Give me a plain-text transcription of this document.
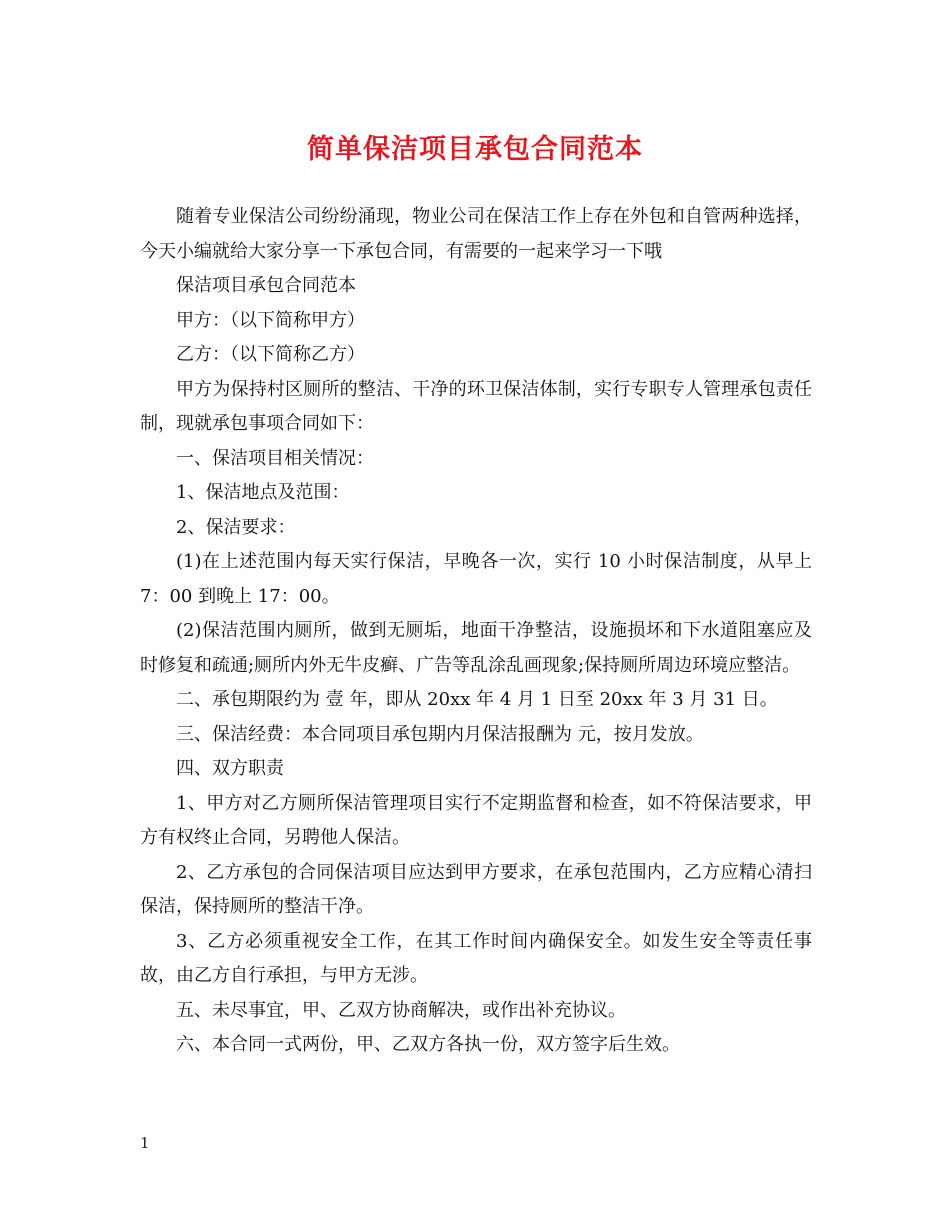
简单保洁项目承包合同范本

随着专业保洁公司纷纷涌现，物业公司在保洁工作上存在外包和自管两种选择，今天小编就给大家分享一下承包合同，有需要的一起来学习一下哦

保洁项目承包合同范本

甲方：（以下简称甲方）

乙方：（以下简称乙方）

甲方为保持村区厕所的整洁、干净的环卫保洁体制，实行专职专人管理承包责任制，现就承包事项合同如下：

一、保洁项目相关情况：

1、保洁地点及范围：

2、保洁要求：

(1)在上述范围内每天实行保洁，早晚各一次，实行 10 小时保洁制度，从早上 7：00 到晚上 17：00。

(2)保洁范围内厕所，做到无厕垢，地面干净整洁，设施损坏和下水道阻塞应及时修复和疏通;厕所内外无牛皮癣、广告等乱涂乱画现象;保持厕所周边环境应整洁。

二、承包期限约为 壹 年，即从 20xx 年 4 月 1 日至 20xx 年 3 月 31 日。

三、保洁经费：本合同项目承包期内月保洁报酬为 元，按月发放。

四、双方职责

1、甲方对乙方厕所保洁管理项目实行不定期监督和检查，如不符保洁要求，甲方有权终止合同，另聘他人保洁。

2、乙方承包的合同保洁项目应达到甲方要求，在承包范围内，乙方应精心清扫保洁，保持厕所的整洁干净。

3、乙方必须重视安全工作，在其工作时间内确保安全。如发生安全等责任事故，由乙方自行承担，与甲方无涉。

五、未尽事宜，甲、乙双方协商解决，或作出补充协议。

六、本合同一式两份，甲、乙双方各执一份，双方签字后生效。

1
